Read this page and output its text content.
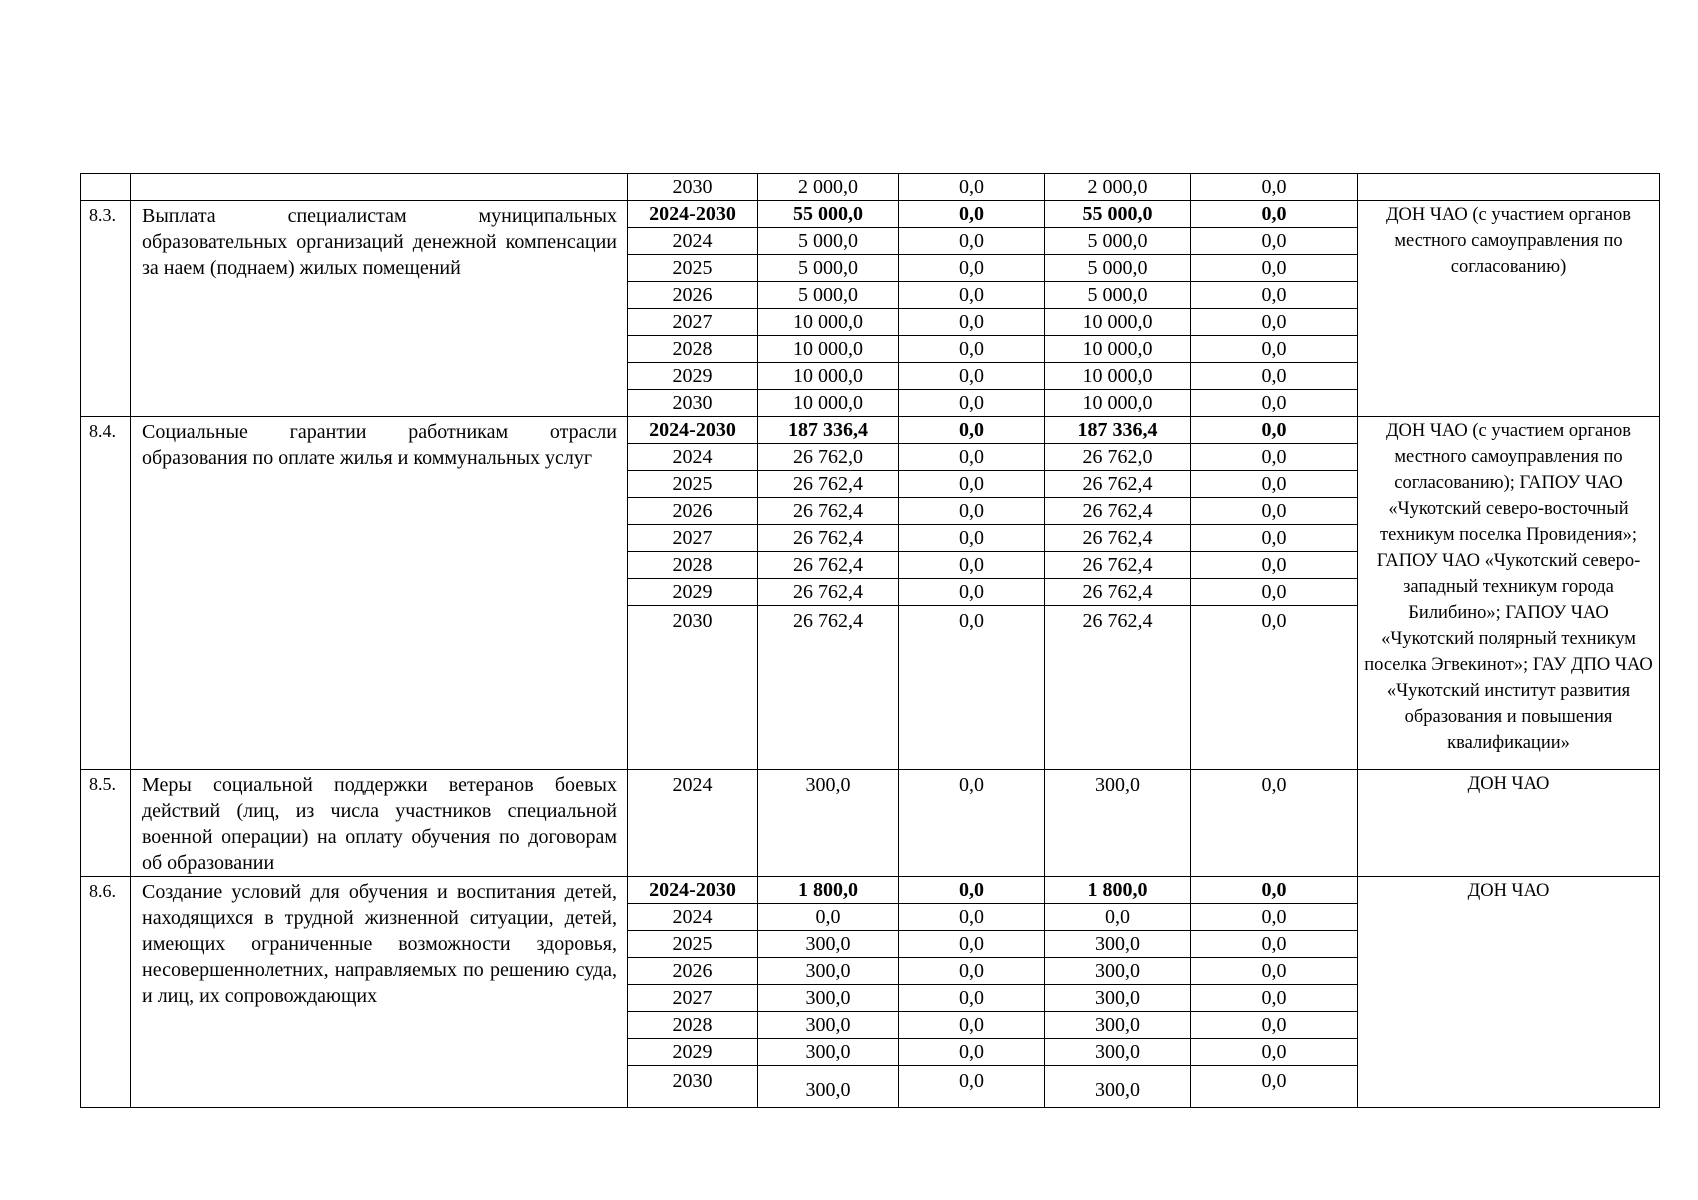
		2030	2 000,0	0,0	2 000,0	0,0	
8.3.	Выплата специалистам муниципальных образовательных организаций денежной компенсации за наем (поднаем) жилых помещений	2024-2030	55 000,0	0,0	55 000,0	0,0	ДОН ЧАО (с участием органов местного самоуправления по согласованию)
		2024	5 000,0	0,0	5 000,0	0,0	
		2025	5 000,0	0,0	5 000,0	0,0	
		2026	5 000,0	0,0	5 000,0	0,0	
		2027	10 000,0	0,0	10 000,0	0,0	
		2028	10 000,0	0,0	10 000,0	0,0	
		2029	10 000,0	0,0	10 000,0	0,0	
		2030	10 000,0	0,0	10 000,0	0,0	
8.4.	Социальные гарантии работникам отрасли образования по оплате жилья и коммунальных услуг	2024-2030	187 336,4	0,0	187 336,4	0,0	ДОН ЧАО (с участием органов местного самоуправления по согласованию); ГАПОУ ЧАО «Чукотский северо-восточный техникум поселка Провидения»; ГАПОУ ЧАО «Чукотский северо-западный техникум города Билибино»; ГАПОУ ЧАО «Чукотский полярный техникум поселка Эгвекинот»; ГАУ ДПО ЧАО «Чукотский институт развития образования и повышения квалификации»
		2024	26 762,0	0,0	26 762,0	0,0	
		2025	26 762,4	0,0	26 762,4	0,0	
		2026	26 762,4	0,0	26 762,4	0,0	
		2027	26 762,4	0,0	26 762,4	0,0	
		2028	26 762,4	0,0	26 762,4	0,0	
		2029	26 762,4	0,0	26 762,4	0,0	
		2030	26 762,4	0,0	26 762,4	0,0	
8.5.	Меры социальной поддержки ветеранов боевых действий (лиц, из числа участников специальной военной операции) на оплату обучения по договорам об образовании	2024	300,0	0,0	300,0	0,0	ДОН ЧАО
8.6.	Создание условий для обучения и воспитания детей, находящихся в трудной жизненной ситуации, детей, имеющих ограниченные возможности здоровья, несовершеннолетних, направляемых по решению суда, и лиц, их сопровождающих	2024-2030	1 800,0	0,0	1 800,0	0,0	ДОН ЧАО
		2024	0,0	0,0	0,0	0,0	
		2025	300,0	0,0	300,0	0,0	
		2026	300,0	0,0	300,0	0,0	
		2027	300,0	0,0	300,0	0,0	
		2028	300,0	0,0	300,0	0,0	
		2029	300,0	0,0	300,0	0,0	
		2030	300,0	0,0	300,0	0,0	
